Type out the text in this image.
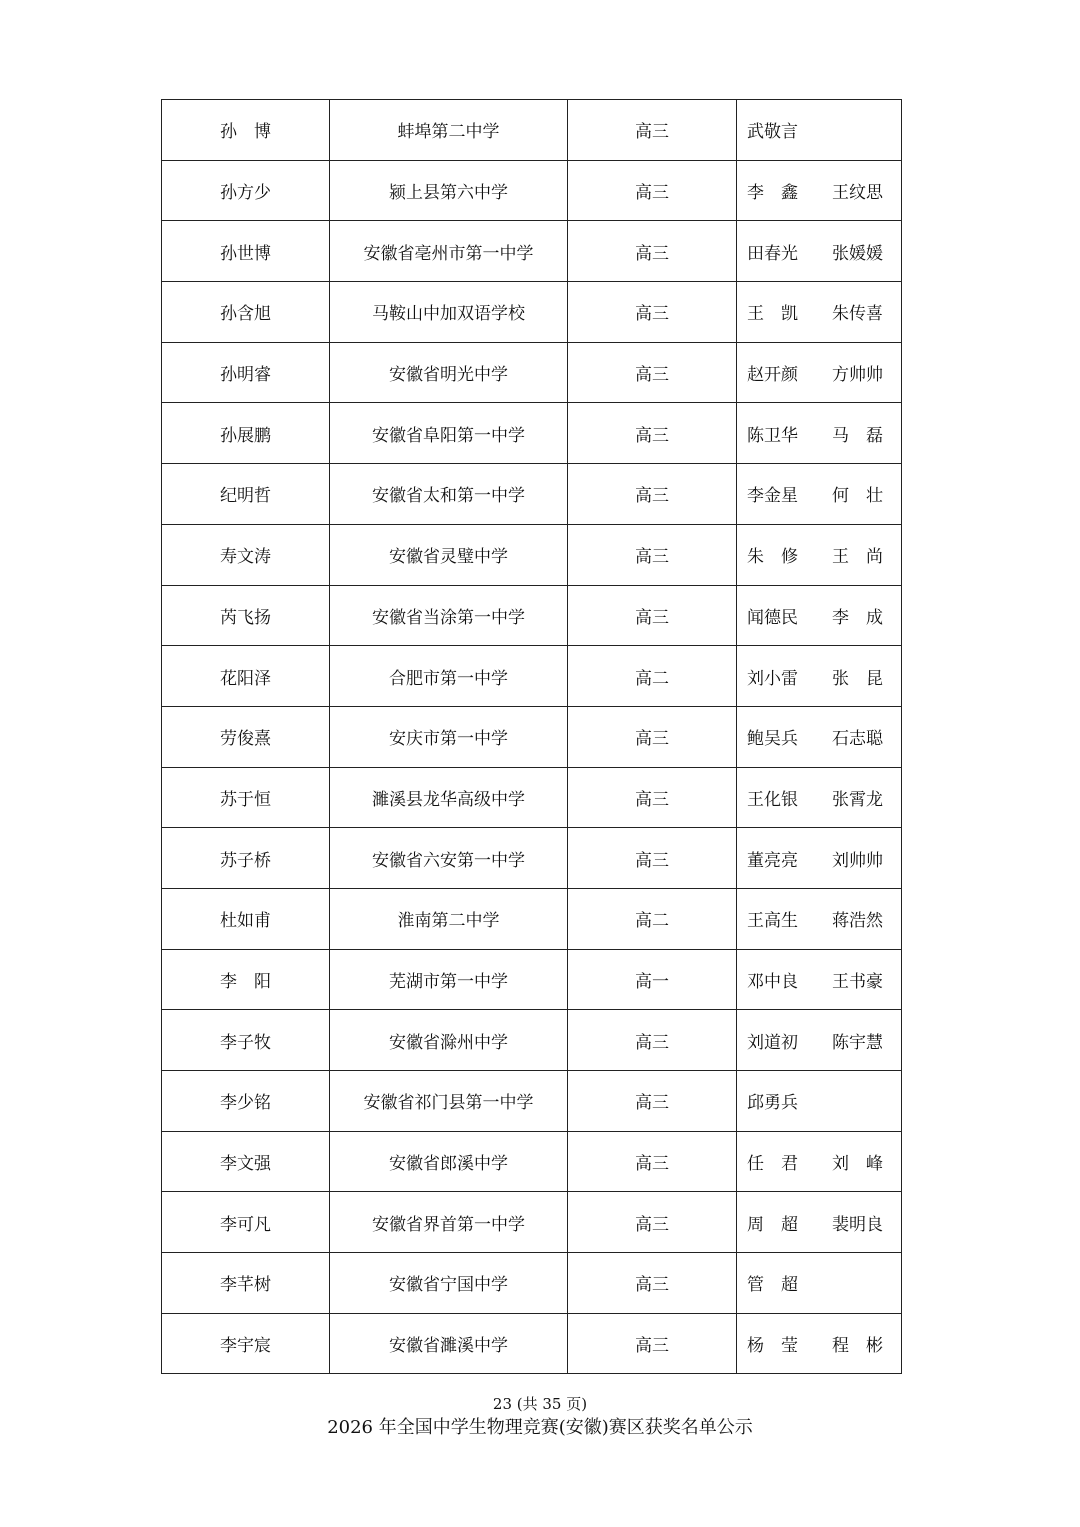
孙　博	蚌埠第二中学	高三	武敬言

孙方少	颍上县第六中学	高三	李　鑫 王纹思

孙世博	安徽省亳州市第一中学	高三	田春光 张媛媛

孙含旭	马鞍山中加双语学校	高三	王　凯 朱传喜

孙明睿	安徽省明光中学	高三	赵开颜 方帅帅

孙展鹏	安徽省阜阳第一中学	高三	陈卫华 马　磊

纪明哲	安徽省太和第一中学	高三	李金星 何　壮

寿文涛	安徽省灵璧中学	高三	朱　修 王　尚

芮飞扬	安徽省当涂第一中学	高三	闻德民 李　成

花阳泽	合肥市第一中学	高二	刘小雷 张　昆

劳俊熹	安庆市第一中学	高三	鲍吴兵 石志聪

苏于恒	濉溪县龙华高级中学	高三	王化银 张霄龙

苏子桥	安徽省六安第一中学	高三	董亮亮 刘帅帅

杜如甫	淮南第二中学	高二	王高生 蒋浩然

李　阳	芜湖市第一中学	高一	邓中良 王书豪

李子牧	安徽省滁州中学	高三	刘道初 陈宇慧

李少铭	安徽省祁门县第一中学	高三	邱勇兵

李文强	安徽省郎溪中学	高三	任　君 刘　峰

李可凡	安徽省界首第一中学	高三	周　超 裴明良

李芊树	安徽省宁国中学	高三	管　超

李宇宸	安徽省濉溪中学	高三	杨　莹 程　彬
23 (共 35 页)
2026 年全国中学生物理竞赛(安徽)赛区获奖名单公示
